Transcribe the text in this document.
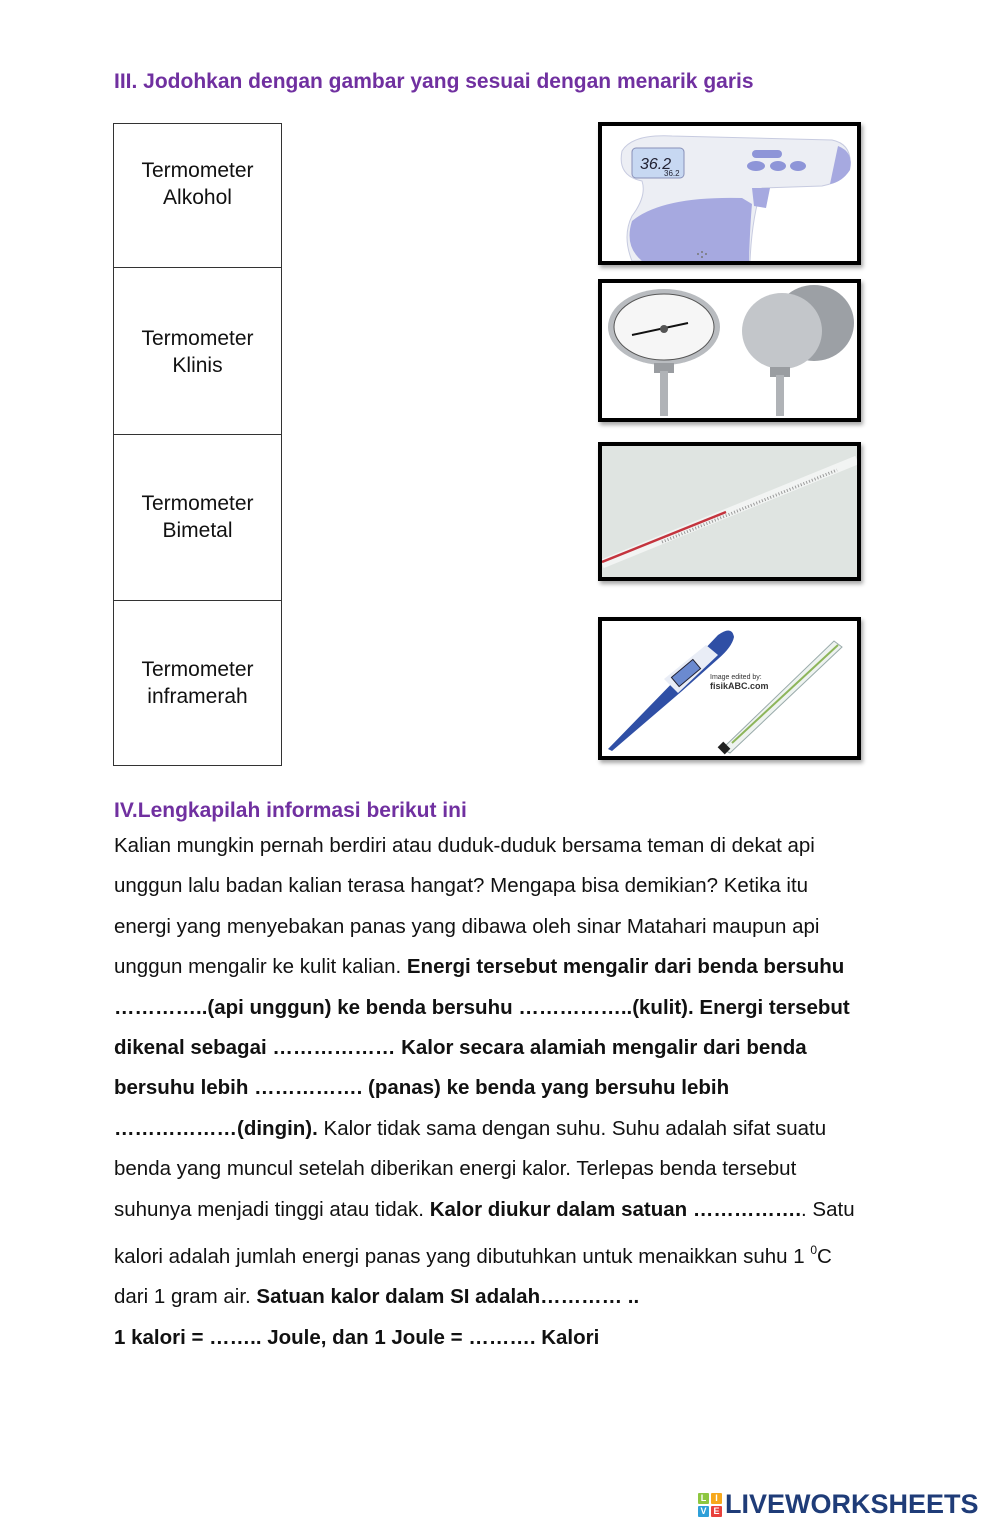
III. Jodohkan dengan gambar yang sesuai dengan menarik garis
Termometer
Alkohol
Termometer
Klinis
Termometer
Bimetal
Termometer
inframerah
36.2
36.2
Image edited by:
fisikABC.com
IV.Lengkapilah informasi berikut ini
Kalian mungkin pernah berdiri atau duduk-duduk bersama teman di dekat api
unggun lalu badan kalian terasa hangat? Mengapa bisa demikian? Ketika itu
energi yang menyebakan panas yang dibawa oleh sinar Matahari maupun api
unggun mengalir ke kulit kalian. Energi tersebut mengalir dari benda bersuhu
…………..(api unggun) ke benda bersuhu ……………..(kulit). Energi tersebut
dikenal sebagai ……………… Kalor secara alamiah mengalir dari benda
bersuhu lebih ……………. (panas) ke benda yang bersuhu lebih
………………(dingin). Kalor tidak sama dengan suhu. Suhu adalah sifat suatu
benda yang muncul setelah diberikan energi kalor. Terlepas benda tersebut
suhunya menjadi tinggi atau tidak. Kalor diukur dalam satuan …………….. Satu
kalori adalah jumlah energi panas yang dibutuhkan untuk menaikkan suhu 1 $^0$C
dari 1 gram air. Satuan kalor dalam SI adalah………… ..
1 kalori = …….. Joule, dan 1 Joule = ………. Kalori
L I
V E LIVEWORKSHEETS
